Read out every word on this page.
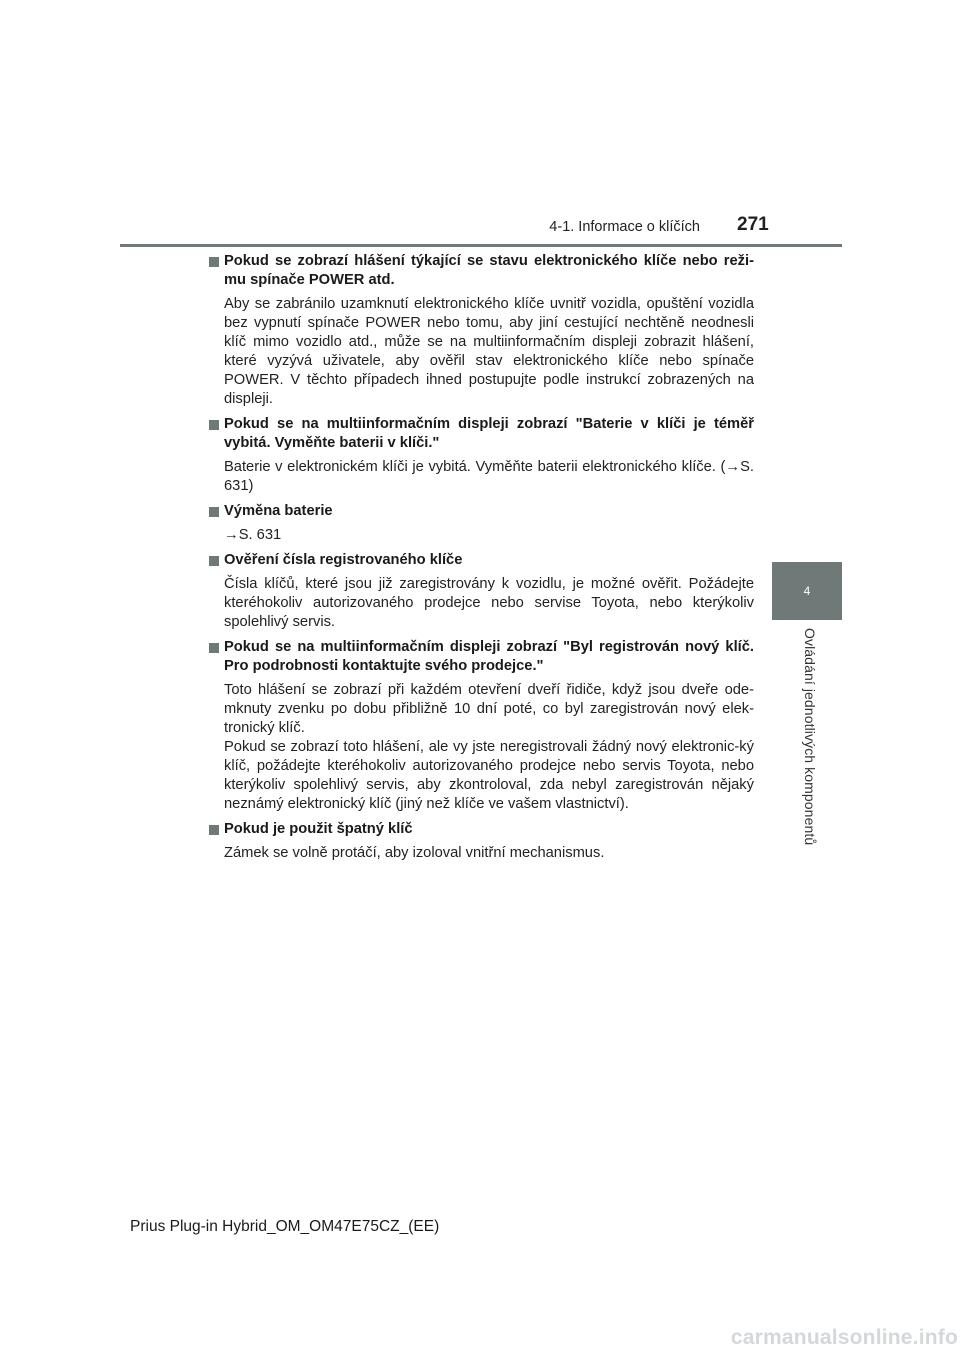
4-1. Informace o klíčích 271
4
Ovládání jednotlivých komponentů
Pokud se zobrazí hlášení týkající se stavu elektronického klíče nebo reži-mu spínače POWER atd.

Aby se zabránilo uzamknutí elektronického klíče uvnitř vozidla, opuštění vozidla bez vypnutí spínače POWER nebo tomu, aby jiní cestující nechtěně neodnesli klíč mimo vozidlo atd., může se na multiinformačním displeji zobrazit hlášení, které vyzývá uživatele, aby ověřil stav elektronického klíče nebo spínače POWER. V těchto případech ihned postupujte podle instrukcí zobrazených na displeji.

Pokud se na multiinformačním displeji zobrazí "Baterie v klíči je téměř vybitá. Vyměňte baterii v klíči."

Baterie v elektronickém klíči je vybitá. Vyměňte baterii elektronického klíče. (→S. 631)

Výměna baterie

→S. 631

Ověření čísla registrovaného klíče

Čísla klíčů, které jsou již zaregistrovány k vozidlu, je možné ověřit. Požádejte kteréhokoliv autorizovaného prodejce nebo servise Toyota, nebo kterýkoliv spolehlivý servis.

Pokud se na multiinformačním displeji zobrazí "Byl registrován nový klíč. Pro podrobnosti kontaktujte svého prodejce."

Toto hlášení se zobrazí při každém otevření dveří řidiče, když jsou dveře ode-mknuty zvenku po dobu přibližně 10 dní poté, co byl zaregistrován nový elek-tronický klíč.

Pokud se zobrazí toto hlášení, ale vy jste neregistrovali žádný nový elektronic-ký klíč, požádejte kteréhokoliv autorizovaného prodejce nebo servis Toyota, nebo kterýkoliv spolehlivý servis, aby zkontroloval, zda nebyl zaregistrován nějaký neznámý elektronický klíč (jiný než klíče ve vašem vlastnictví).

Pokud je použit špatný klíč

Zámek se volně protáčí, aby izoloval vnitřní mechanismus.

Prius Plug-in Hybrid_OM_OM47E75CZ_(EE)
carmanualsonline.info
